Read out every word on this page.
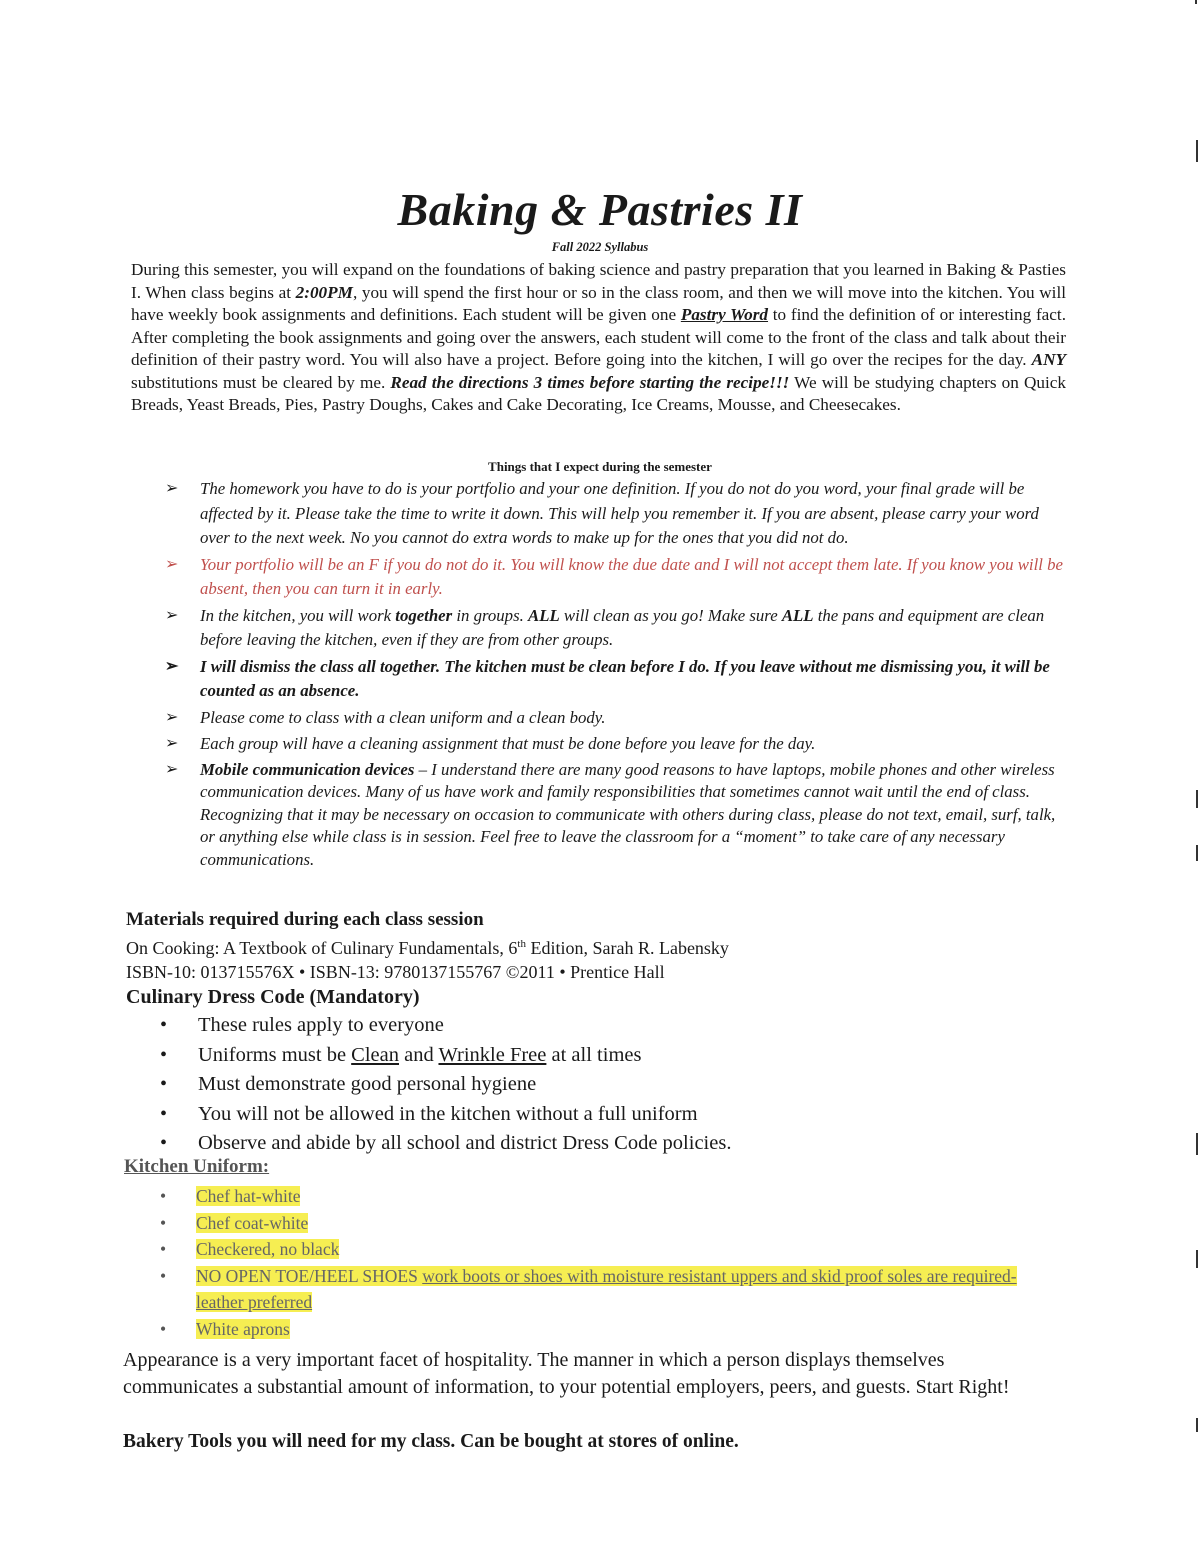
Baking & Pastries II
Fall 2022 Syllabus
During this semester, you will expand on the foundations of baking science and pastry preparation that you learned in Baking & Pasties I. When class begins at 2:00PM, you will spend the first hour or so in the class room, and then we will move into the kitchen. You will have weekly book assignments and definitions. Each student will be given one Pastry Word to find the definition of or interesting fact. After completing the book assignments and going over the answers, each student will come to the front of the class and talk about their definition of their pastry word. You will also have a project. Before going into the kitchen, I will go over the recipes for the day. ANY substitutions must be cleared by me. Read the directions 3 times before starting the recipe!!! We will be studying chapters on Quick Breads, Yeast Breads, Pies, Pastry Doughs, Cakes and Cake Decorating, Ice Creams, Mousse, and Cheesecakes.
Things that I expect during the semester
➢ The homework you have to do is your portfolio and your one definition. If you do not do you word, your final grade will be affected by it. Please take the time to write it down. This will help you remember it. If you are absent, please carry your word over to the next week. No you cannot do extra words to make up for the ones that you did not do.
➢ Your portfolio will be an F if you do not do it. You will know the due date and I will not accept them late. If you know you will be absent, then you can turn it in early.
➢ In the kitchen, you will work together in groups. ALL will clean as you go! Make sure ALL the pans and equipment are clean before leaving the kitchen, even if they are from other groups.
➢ I will dismiss the class all together. The kitchen must be clean before I do. If you leave without me dismissing you, it will be counted as an absence.
➢ Please come to class with a clean uniform and a clean body.
➢ Each group will have a cleaning assignment that must be done before you leave for the day.
➢ Mobile communication devices – I understand there are many good reasons to have laptops, mobile phones and other wireless communication devices. Many of us have work and family responsibilities that sometimes cannot wait until the end of class. Recognizing that it may be necessary on occasion to communicate with others during class, please do not text, email, surf, talk, or anything else while class is in session. Feel free to leave the classroom for a “moment” to take care of any necessary communications.
Materials required during each class session
On Cooking: A Textbook of Culinary Fundamentals, 6th Edition, Sarah R. Labensky
ISBN-10: 013715576X • ISBN-13: 9780137155767 ©2011 • Prentice Hall
Culinary Dress Code (Mandatory)
• These rules apply to everyone
• Uniforms must be Clean and Wrinkle Free at all times
• Must demonstrate good personal hygiene
• You will not be allowed in the kitchen without a full uniform
• Observe and abide by all school and district Dress Code policies.
Kitchen Uniform:
• Chef hat-white
• Chef coat-white
• Checkered, no black
• NO OPEN TOE/HEEL SHOES work boots or shoes with moisture resistant uppers and skid proof soles are required-leather preferred
• White aprons
Appearance is a very important facet of hospitality. The manner in which a person displays themselves communicates a substantial amount of information, to your potential employers, peers, and guests. Start Right!
Bakery Tools you will need for my class. Can be bought at stores of online.
